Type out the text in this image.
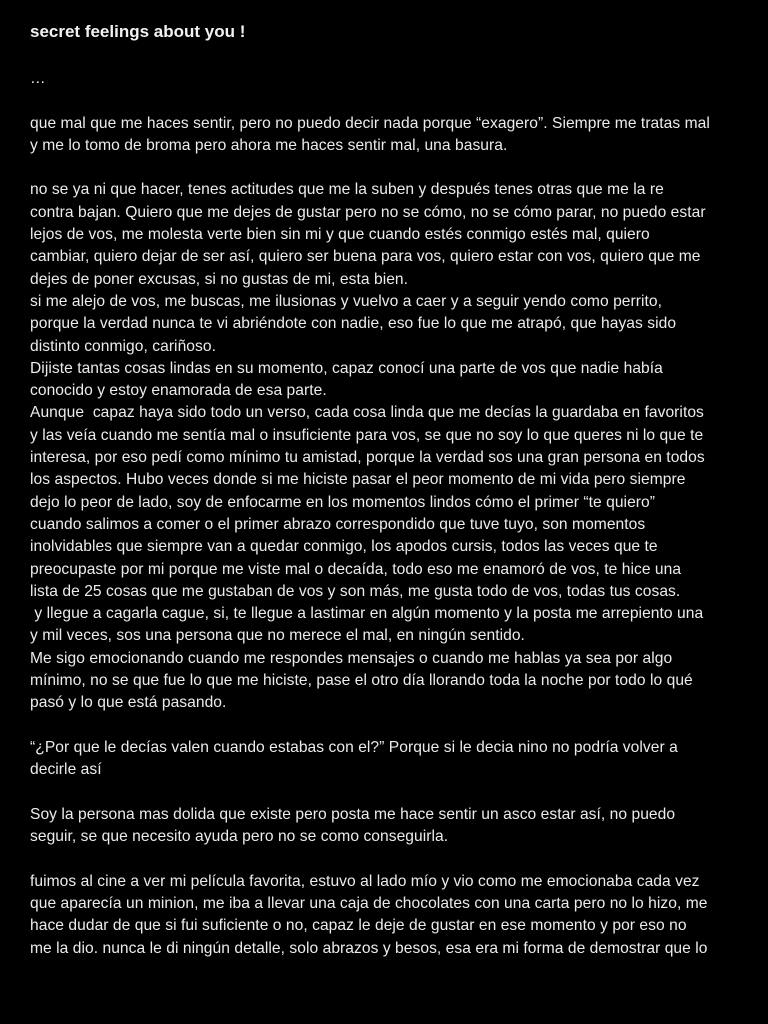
secret feelings about you !
…
que mal que me haces sentir, pero no puedo decir nada porque “exagero”. Siempre me tratas mal
y me lo tomo de broma pero ahora me haces sentir mal, una basura.
no se ya ni que hacer, tenes actitudes que me la suben y después tenes otras que me la re
contra bajan. Quiero que me dejes de gustar pero no se cómo, no se cómo parar, no puedo estar
lejos de vos, me molesta verte bien sin mi y que cuando estés conmigo estés mal, quiero
cambiar, quiero dejar de ser así, quiero ser buena para vos, quiero estar con vos, quiero que me
dejes de poner excusas, si no gustas de mi, esta bien.
si me alejo de vos, me buscas, me ilusionas y vuelvo a caer y a seguir yendo como perrito,
porque la verdad nunca te vi abriéndote con nadie, eso fue lo que me atrapó, que hayas sido
distinto conmigo, cariñoso.
Dijiste tantas cosas lindas en su momento, capaz conocí una parte de vos que nadie había
conocido y estoy enamorada de esa parte.
Aunque  capaz haya sido todo un verso, cada cosa linda que me decías la guardaba en favoritos
y las veía cuando me sentía mal o insuficiente para vos, se que no soy lo que queres ni lo que te
interesa, por eso pedí como mínimo tu amistad, porque la verdad sos una gran persona en todos
los aspectos. Hubo veces donde si me hiciste pasar el peor momento de mi vida pero siempre
dejo lo peor de lado, soy de enfocarme en los momentos lindos cómo el primer “te quiero”
cuando salimos a comer o el primer abrazo correspondido que tuve tuyo, son momentos
inolvidables que siempre van a quedar conmigo, los apodos cursis, todos las veces que te
preocupaste por mi porque me viste mal o decaída, todo eso me enamoró de vos, te hice una
lista de 25 cosas que me gustaban de vos y son más, me gusta todo de vos, todas tus cosas.
y llegue a cagarla cague, si, te llegue a lastimar en algún momento y la posta me arrepiento una
y mil veces, sos una persona que no merece el mal, en ningún sentido.
Me sigo emocionando cuando me respondes mensajes o cuando me hablas ya sea por algo
mínimo, no se que fue lo que me hiciste, pase el otro día llorando toda la noche por todo lo qué
pasó y lo que está pasando.
“¿Por que le decías valen cuando estabas con el?” Porque si le decia nino no podría volver a
decirle así
Soy la persona mas dolida que existe pero posta me hace sentir un asco estar así, no puedo
seguir, se que necesito ayuda pero no se como conseguirla.
fuimos al cine a ver mi película favorita, estuvo al lado mío y vio como me emocionaba cada vez
que aparecía un minion, me iba a llevar una caja de chocolates con una carta pero no lo hizo, me
hace dudar de que si fui suficiente o no, capaz le deje de gustar en ese momento y por eso no
me la dio. nunca le di ningún detalle, solo abrazos y besos, esa era mi forma de demostrar que lo
